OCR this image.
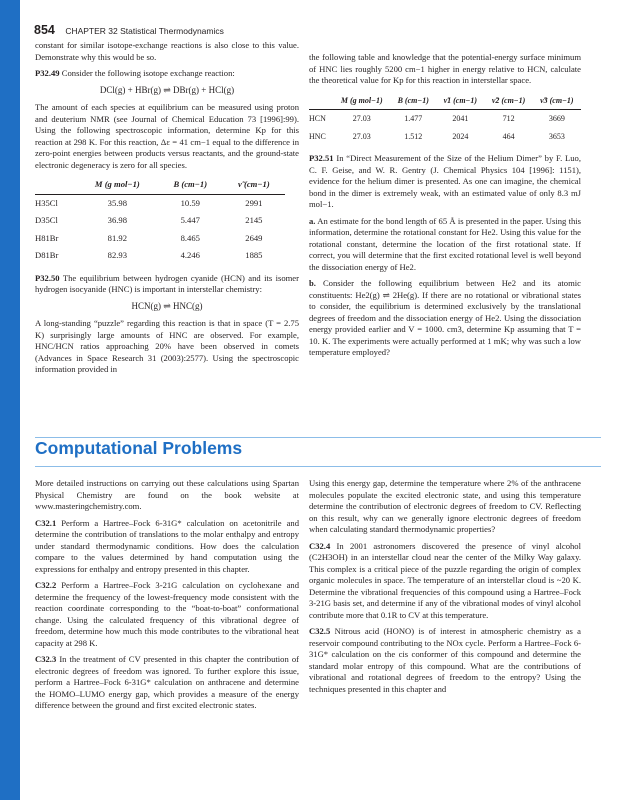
854 CHAPTER 32 Statistical Thermodynamics

constant for similar isotope-exchange reactions is also close to this value. Demonstrate why this would be so.

P32.49 Consider the following isotope exchange reaction:

DCl(g) + HBr(g) ⇌ DBr(g) + HCl(g)

The amount of each species at equilibrium can be measured using proton and deuterium NMR (see Journal of Chemical Education 73 [1996]:99). Using the following spectroscopic information, determine Kp for this reaction at 298 K. For this reaction, Δε = 41 cm−1 equal to the difference in zero-point energies between products versus reactants, and the ground-state electronic degeneracy is zero for all species.

	M (g mol−1)	B (cm−1)	ν̃ (cm−1)
H35Cl	35.98	10.59	2991
D35Cl	36.98	5.447	2145
H81Br	81.92	8.465	2649
D81Br	82.93	4.246	1885

P32.50 The equilibrium between hydrogen cyanide (HCN) and its isomer hydrogen isocyanide (HNC) is important in interstellar chemistry:

HCN(g) ⇌ HNC(g)

A long-standing “puzzle” regarding this reaction is that in space (T = 2.75 K) surprisingly large amounts of HNC are observed. For example, HNC/HCN ratios approaching 20% have been observed in comets (Advances in Space Research 31 (2003):2577). Using the spectroscopic information provided in

the following table and knowledge that the potential-energy surface minimum of HNC lies roughly 5200 cm−1 higher in energy relative to HCN, calculate the theoretical value for Kp for this reaction in interstellar space.

	M (g mol−1)	B (cm−1)	ν̃1 (cm−1)	ν̃2 (cm−1)	ν̃3 (cm−1)
HCN	27.03	1.477	2041	712	3669
HNC	27.03	1.512	2024	464	3653

P32.51 In “Direct Measurement of the Size of the Helium Dimer” by F. Luo, C. F. Geise, and W. R. Gentry (J. Chemical Physics 104 [1996]: 1151), evidence for the helium dimer is presented. As one can imagine, the chemical bond in the dimer is extremely weak, with an estimated value of only 8.3 mJ mol−1.

a. An estimate for the bond length of 65 Å is presented in the paper. Using this information, determine the rotational constant for He2. Using this value for the rotational constant, determine the location of the first rotational state. If correct, you will determine that the first excited rotational level is well beyond the dissociation energy of He2.

b. Consider the following equilibrium between He2 and its atomic constituents: He2(g) ⇌ 2He(g). If there are no rotational or vibrational states to consider, the equilibrium is determined exclusively by the translational degrees of freedom and the dissociation energy of He2. Using the dissociation energy provided earlier and V = 1000. cm3, determine Kp assuming that T = 10. K. The experiments were actually performed at 1 mK; why was such a low temperature employed?

Computational Problems

More detailed instructions on carrying out these calculations using Spartan Physical Chemistry are found on the book website at www.masteringchemistry.com.

C32.1 Perform a Hartree–Fock 6-31G* calculation on acetonitrile and determine the contribution of translations to the molar enthalpy and entropy under standard thermodynamic conditions. How does the calculation compare to the values determined by hand computation using the expressions for enthalpy and entropy presented in this chapter.

C32.2 Perform a Hartree–Fock 3-21G calculation on cyclohexane and determine the frequency of the lowest-frequency mode consistent with the reaction coordinate corresponding to the “boat-to-boat” conformational change. Using the calculated frequency of this vibrational degree of freedom, determine how much this mode contributes to the vibrational heat capacity at 298 K.

C32.3 In the treatment of CV presented in this chapter the contribution of electronic degrees of freedom was ignored. To further explore this issue, perform a Hartree–Fock 6-31G* calculation on anthracene and determine the HOMO–LUMO energy gap, which provides a measure of the energy difference between the ground and first excited electronic states.

Using this energy gap, determine the temperature where 2% of the anthracene molecules populate the excited electronic state, and using this temperature determine the contribution of electronic degrees of freedom to CV. Reflecting on this result, why can we generally ignore electronic degrees of freedom when calculating standard thermodynamic properties?

C32.4 In 2001 astronomers discovered the presence of vinyl alcohol (C2H3OH) in an interstellar cloud near the center of the Milky Way galaxy. This complex is a critical piece of the puzzle regarding the origin of complex organic molecules in space. The temperature of an interstellar cloud is ~20 K. Determine the vibrational frequencies of this compound using a Hartree–Fock 3-21G basis set, and determine if any of the vibrational modes of vinyl alcohol contribute more that 0.1R to CV at this temperature.

C32.5 Nitrous acid (HONO) is of interest in atmospheric chemistry as a reservoir compound contributing to the NOx cycle. Perform a Hartree–Fock 6-31G* calculation on the cis conformer of this compound and determine the standard molar entropy of this compound. What are the contributions of vibrational and rotational degrees of freedom to the entropy? Using the techniques presented in this chapter and
